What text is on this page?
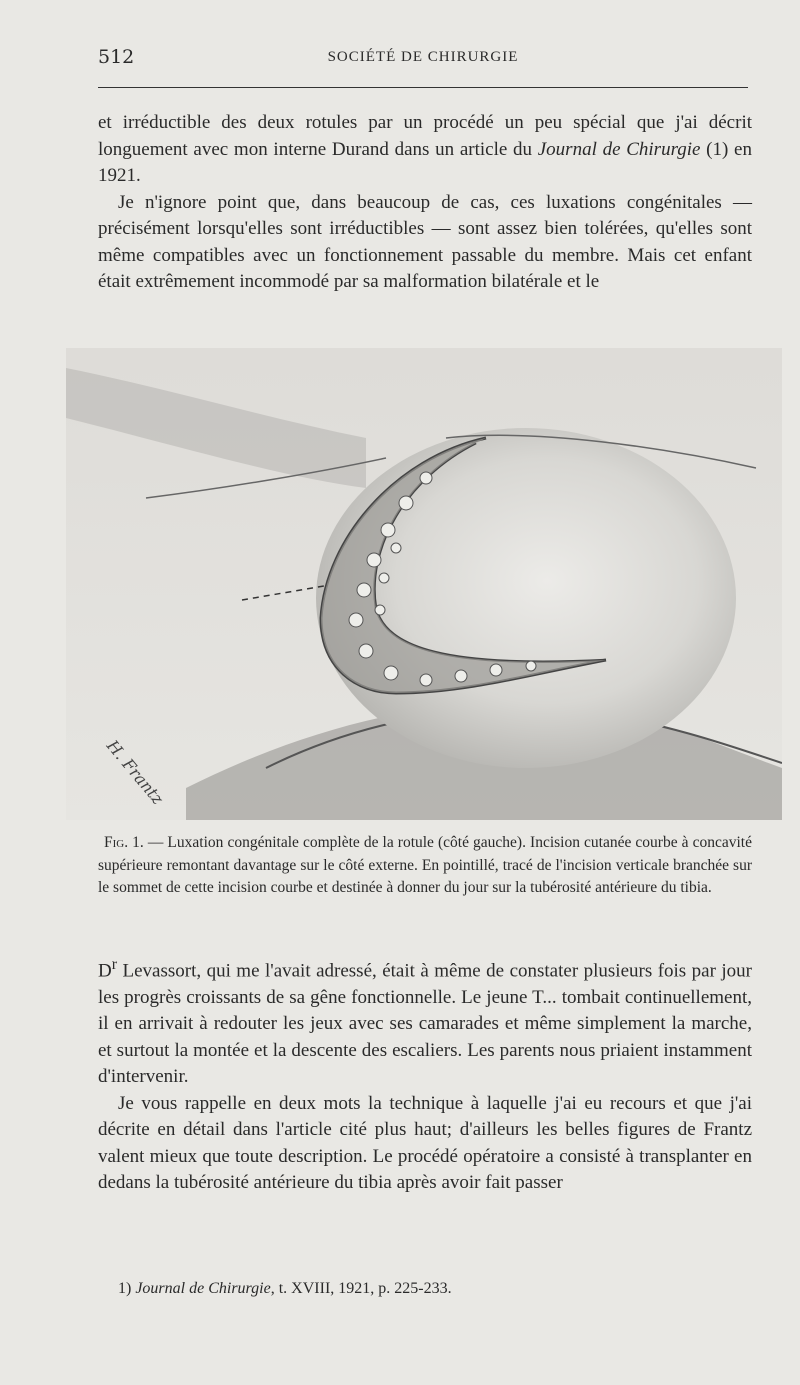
512	SOCIÉTÉ DE CHIRURGIE

et irréductible des deux rotules par un procédé un peu spécial que j'ai décrit longuement avec mon interne Durand dans un article du Journal de Chirurgie (1) en 1921.

Je n'ignore point que, dans beaucoup de cas, ces luxations congénitales — précisément lorsqu'elles sont irréductibles — sont assez bien tolérées, qu'elles sont même compatibles avec un fonctionnement passable du membre. Mais cet enfant était extrêmement incommodé par sa malformation bilatérale et le

H. Frantz

Fig. 1. — Luxation congénitale complète de la rotule (côté gauche). Incision cutanée courbe à concavité supérieure remontant davantage sur le côté externe. En pointillé, tracé de l'incision verticale branchée sur le sommet de cette incision courbe et destinée à donner du jour sur la tubérosité antérieure du tibia.

$D^r$ Levassort, qui me l'avait adressé, était à même de constater plusieurs fois par jour les progrès croissants de sa gêne fonctionnelle. Le jeune T... tombait continuellement, il en arrivait à redouter les jeux avec ses camarades et même simplement la marche, et surtout la montée et la descente des escaliers. Les parents nous priaient instamment d'intervenir.

Je vous rappelle en deux mots la technique à laquelle j'ai eu recours et que j'ai décrite en détail dans l'article cité plus haut; d'ailleurs les belles figures de Frantz valent mieux que toute description. Le procédé opératoire a consisté à transplanter en dedans la tubérosité antérieure du tibia après avoir fait passer

1) Journal de Chirurgie, t. XVIII, 1921, p. 225-233.
